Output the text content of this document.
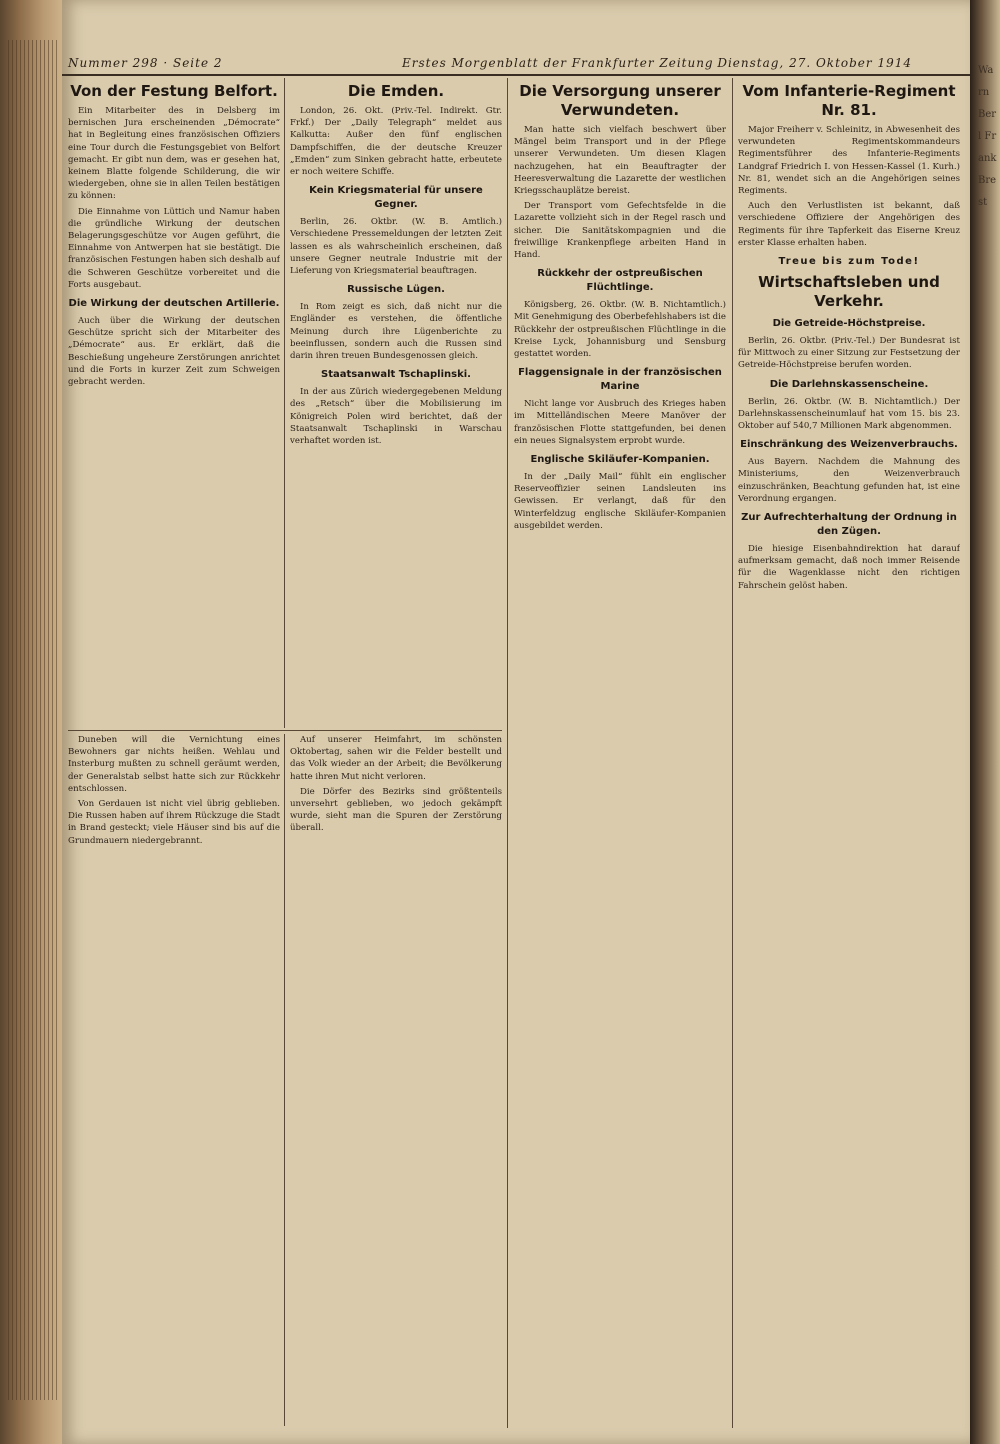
Nummer 298 · Seite 2	Erstes Morgenblatt der Frankfurter Zeitung Dienstag, 27. Oktober 1914
Von der Festung Belfort.

Ein Mitarbeiter des in Delsberg im bernischen Jura erscheinenden „Démocrate“ hat in Begleitung eines französischen Offiziers eine Tour durch die Festungsgebiet von Belfort gemacht. Er gibt nun dem, was er gesehen hat, keinem Blatte folgende Schilderung, die wir wiedergeben, ohne sie in allen Teilen bestätigen zu können:

Die Einnahme von Lüttich und Namur haben die gründliche Wirkung der deutschen Belagerungsgeschütze vor Augen geführt, die Einnahme von Antwerpen hat sie bestätigt. Die französischen Festungen haben sich deshalb auf die Schweren Geschütze vorbereitet und die Forts ausgebaut.

Die Wirkung der deutschen Artillerie.

Auch über die Wirkung der deutschen Geschütze spricht sich der Mitarbeiter des „Démocrate“ aus. Er erklärt, daß die Beschießung ungeheure Zerstörungen anrichtet und die Forts in kurzer Zeit zum Schweigen gebracht werden.

Die Emden.

London, 26. Okt. (Priv.-Tel. Indirekt. Gtr. Frkf.) Der „Daily Telegraph“ meldet aus Kalkutta: Außer den fünf englischen Dampfschiffen, die der deutsche Kreuzer „Emden“ zum Sinken gebracht hatte, erbeutete er noch weitere Schiffe.

Kein Kriegsmaterial für unsere Gegner.

Berlin, 26. Oktbr. (W. B. Amtlich.) Verschiedene Pressemeldungen der letzten Zeit lassen es als wahrscheinlich erscheinen, daß unsere Gegner neutrale Industrie mit der Lieferung von Kriegsmaterial beauftragen.

Russische Lügen.

In Rom zeigt es sich, daß nicht nur die Engländer es verstehen, die öffentliche Meinung durch ihre Lügenberichte zu beeinflussen, sondern auch die Russen sind darin ihren treuen Bundesgenossen gleich.

Staatsanwalt Tschaplinski.

In der aus Zürich wiedergegebenen Meldung des „Retsch“ über die Mobilisierung im Königreich Polen wird berichtet, daß der Staatsanwalt Tschaplinski in Warschau verhaftet worden ist.

Die Versorgung unserer Verwundeten.

Man hatte sich vielfach beschwert über Mängel beim Transport und in der Pflege unserer Verwundeten. Um diesen Klagen nachzugehen, hat ein Beauftragter der Heeresverwaltung die Lazarette der westlichen Kriegsschauplätze bereist.

Der Transport vom Gefechtsfelde in die Lazarette vollzieht sich in der Regel rasch und sicher. Die Sanitätskompagnien und die freiwillige Krankenpflege arbeiten Hand in Hand.

Rückkehr der ostpreußischen Flüchtlinge.

Königsberg, 26. Oktbr. (W. B. Nichtamtlich.) Mit Genehmigung des Oberbefehlshabers ist die Rückkehr der ostpreußischen Flüchtlinge in die Kreise Lyck, Johannisburg und Sensburg gestattet worden.

Flaggensignale in der französischen Marine

Nicht lange vor Ausbruch des Krieges haben im Mittelländischen Meere Manöver der französischen Flotte stattgefunden, bei denen ein neues Signalsystem erprobt wurde.

Englische Skiläufer-Kompanien.

In der „Daily Mail“ fühlt ein englischer Reserveoffizier seinen Landsleuten ins Gewissen. Er verlangt, daß für den Winterfeldzug englische Skiläufer-Kompanien ausgebildet werden.

Vom Infanterie-Regiment Nr. 81.

Major Freiherr v. Schleinitz, in Abwesenheit des verwundeten Regimentskommandeurs Regimentsführer des Infanterie-Regiments Landgraf Friedrich I. von Hessen-Kassel (1. Kurh.) Nr. 81, wendet sich an die Angehörigen seines Regiments.

Auch den Verlustlisten ist bekannt, daß verschiedene Offiziere der Angehörigen des Regiments für ihre Tapferkeit das Eiserne Kreuz erster Klasse erhalten haben.

Treue bis zum Tode!
Wirtschaftsleben und Verkehr.
Die Getreide-Höchstpreise.

Berlin, 26. Oktbr. (Priv.-Tel.) Der Bundesrat ist für Mittwoch zu einer Sitzung zur Festsetzung der Getreide-Höchstpreise berufen worden.

Die Darlehnskassenscheine.

Berlin, 26. Oktbr. (W. B. Nichtamtlich.) Der Darlehnskassenscheinumlauf hat vom 15. bis 23. Oktober auf 540,7 Millionen Mark abgenommen.

Einschränkung des Weizenverbrauchs.

Aus Bayern. Nachdem die Mahnung des Ministeriums, den Weizenverbrauch einzuschränken, Beachtung gefunden hat, ist eine Verordnung ergangen.

Zur Aufrechterhaltung der Ordnung in den Zügen.

Die hiesige Eisenbahndirektion hat darauf aufmerksam gemacht, daß noch immer Reisende für die Wagenklasse nicht den richtigen Fahrschein gelöst haben.

Duneben will die Vernichtung eines Bewohners gar nichts heißen. Wehlau und Insterburg mußten zu schnell geräumt werden, der Generalstab selbst hatte sich zur Rückkehr entschlossen.

Von Gerdauen ist nicht viel übrig geblieben. Die Russen haben auf ihrem Rückzuge die Stadt in Brand gesteckt; viele Häuser sind bis auf die Grundmauern niedergebrannt.

Auf unserer Heimfahrt, im schönsten Oktobertag, sahen wir die Felder bestellt und das Volk wieder an der Arbeit; die Bevölkerung hatte ihren Mut nicht verloren.

Die Dörfer des Bezirks sind größtenteils unversehrt geblieben, wo jedoch gekämpft wurde, sieht man die Spuren der Zerstörung überall.

Warn Berl Frank Brest
